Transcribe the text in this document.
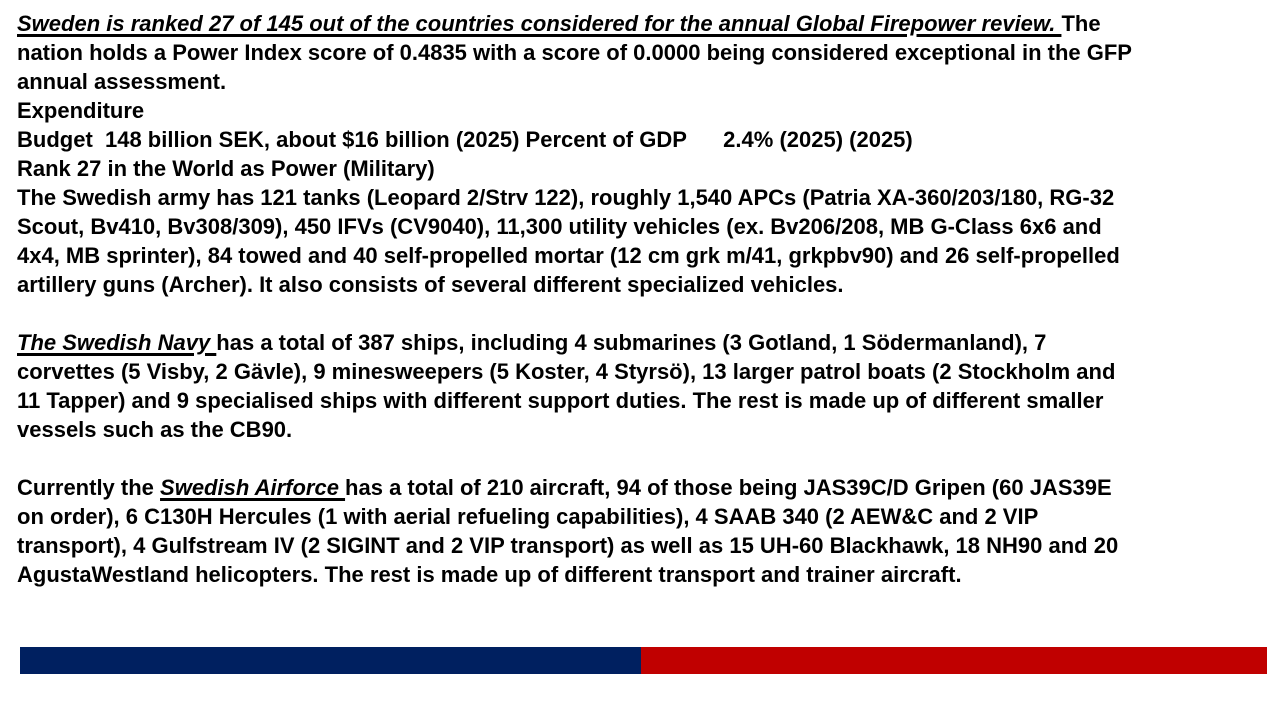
Sweden is ranked 27 of 145 out of the countries considered for the annual Global Firepower review. The
nation holds a Power Index score of 0.4835 with a score of 0.0000 being considered exceptional in the GFP
annual assessment.
Expenditure
Budget  148 billion SEK, about $16 billion (2025) Percent of GDP      2.4% (2025) (2025)
Rank 27 in the World as Power (Military)
The Swedish army has 121 tanks (Leopard 2/Strv 122), roughly 1,540 APCs (Patria XA-360/203/180, RG-32
Scout, Bv410, Bv308/309), 450 IFVs (CV9040), 11,300 utility vehicles (ex. Bv206/208, MB G-Class 6x6 and
4x4, MB sprinter), 84 towed and 40 self-propelled mortar (12 cm grk m/41, grkpbv90) and 26 self-propelled
artillery guns (Archer). It also consists of several different specialized vehicles.

The Swedish Navy has a total of 387 ships, including 4 submarines (3 Gotland, 1 Södermanland), 7
corvettes (5 Visby, 2 Gävle), 9 minesweepers (5 Koster, 4 Styrsö), 13 larger patrol boats (2 Stockholm and
11 Tapper) and 9 specialised ships with different support duties. The rest is made up of different smaller
vessels such as the CB90.

Currently the Swedish Airforce has a total of 210 aircraft, 94 of those being JAS39C/D Gripen (60 JAS39E
on order), 6 C130H Hercules (1 with aerial refueling capabilities), 4 SAAB 340 (2 AEW&C and 2 VIP
transport), 4 Gulfstream IV (2 SIGINT and 2 VIP transport) as well as 15 UH-60 Blackhawk, 18 NH90 and 20
AgustaWestland helicopters. The rest is made up of different transport and trainer aircraft.
